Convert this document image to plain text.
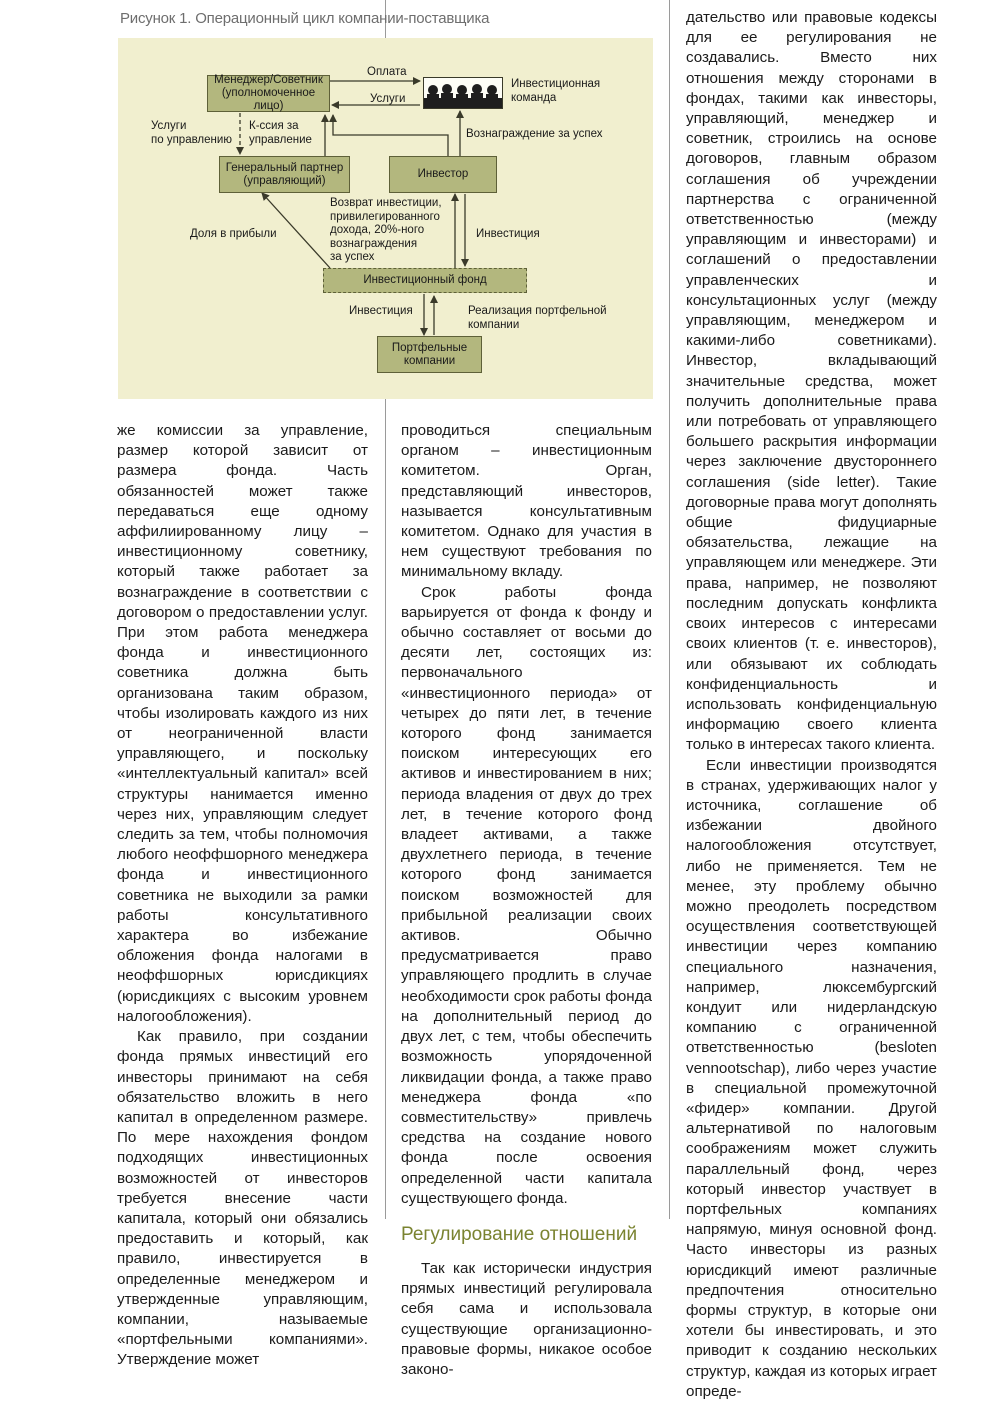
Рисунок 1. Операционный цикл компании-поставщика
Менеджер/Советник
(уполномоченное лицо)
Генеральный партнер
(управляющий)
Инвестор
Инвестиционный фонд
Портфельные
компании
Инвестиционная
команда
Оплата
Услуги
Услуги
по управлению
К-ссия за
управление	Вознаграждение за успех
Возврат инвестиции,
привилегированного
дохода, 20%-ного
вознаграждения
за успех
Доля в прибыли	Инвестиция
Инвестиция	Реализация портфельной
компании

же комиссии за управление, размер которой зависит от размера фонда. Часть обязанностей может также передаваться еще одному аффилиированному лицу – инвестиционному советнику, который также работает за вознаграждение в соответствии с договором о предоставлении услуг. При этом работа менеджера фонда и инвестиционного советника должна быть организована таким образом, чтобы изолировать каждого из них от неограниченной власти управляющего, и поскольку «интеллектуальный капитал» всей структуры нанимается именно через них, управляющим следует следить за тем, чтобы полномочия любого неоффшорного менеджера фонда и инвестиционного советника не выходили за рамки работы консультативного характера во избежание обложения фонда налогами в неоффшорных юрисдикциях (юрисдикциях с высоким уровнем налогообложения).

Как правило, при создании фонда прямых инвестиций его инвесторы принимают на себя обязательство вложить в него капитал в определенном размере. По мере нахождения фондом подходящих инвестиционных возможностей от инвесторов требуется внесение части капитала, который они обязались предоставить и который, как правило, инвестируется в определенные менеджером и утвержденные управляющим, компании, называемые «портфельными компаниями». Утверждение может

проводиться специальным органом – инвестиционным комитетом. Орган, представляющий инвесторов, называется консультативным комитетом. Однако для участия в нем существуют требования по минимальному вкладу.

Срок работы фонда варьируется от фонда к фонду и обычно составляет от восьми до десяти лет, состоящих из: первоначального «инвестиционного периода» от четырех до пяти лет, в течение которого фонд занимается поиском интересующих его активов и инвестированием в них; периода владения от двух до трех лет, в течение которого фонд владеет активами, а также двухлетнего периода, в течение которого фонд занимается поиском возможностей для прибыльной реализации своих активов. Обычно предусматривается право управляющего продлить в случае необходимости срок работы фонда на дополнительный период до двух лет, с тем, чтобы обеспечить возможность упорядоченной ликвидации фонда, а также право менеджера фонда «по совместительству» привлечь средства на создание нового фонда после освоения определенной части капитала существующего фонда.

Регулирование отношений

Так как исторически индустрия прямых инвестиций регулировала себя сама и использовала существующие организационно-правовые формы, никакое особое законо-

дательство или правовые кодексы для ее регулирования не создавались. Вместо них отношения между сторонами в фондах, такими как инвесторы, управляющий, менеджер и советник, строились на основе договоров, главным образом соглашения об учреждении партнерства с ограниченной ответственностью (между управляющим и инвесторами) и соглашений о предоставлении управленческих и консультационных услуг (между управляющим, менеджером и какими-либо советниками). Инвестор, вкладывающий значительные средства, может получить дополнительные права или потребовать от управляющего большего раскрытия информации через заключение двустороннего соглашения (side letter). Такие договорные права могут дополнять общие фидуциарные обязательства, лежащие на управляющем или менеджере. Эти права, например, не позволяют последним допускать конфликта своих интересов с интересами своих клиентов (т. е. инвесторов), или обязывают их соблюдать конфиденциальность и использовать конфиденциальную информацию своего клиента только в интересах такого клиента.

Если инвестиции производятся в странах, удерживающих налог у источника, соглашение об избежании двойного налогообложения отсутствует, либо не применяется. Тем не менее, эту проблему обычно можно преодолеть посредством осуществления соответствующей инвестиции через компанию специального назначения, например, люксембургский кондуит или нидерландскую компанию с ограниченной ответственностью (besloten vennootschap), либо через участие в специальной промежуточной «фидер» компании. Другой альтернативой по налоговым соображениям может служить параллельный фонд, через который инвестор участвует в портфельных компаниях напрямую, минуя основной фонд. Часто инвесторы из разных юрисдикций имеют различные предпочтения относительно формы структур, в которые они хотели бы инвестировать, и это приводит к созданию нескольких структур, каждая из которых играет опреде-
